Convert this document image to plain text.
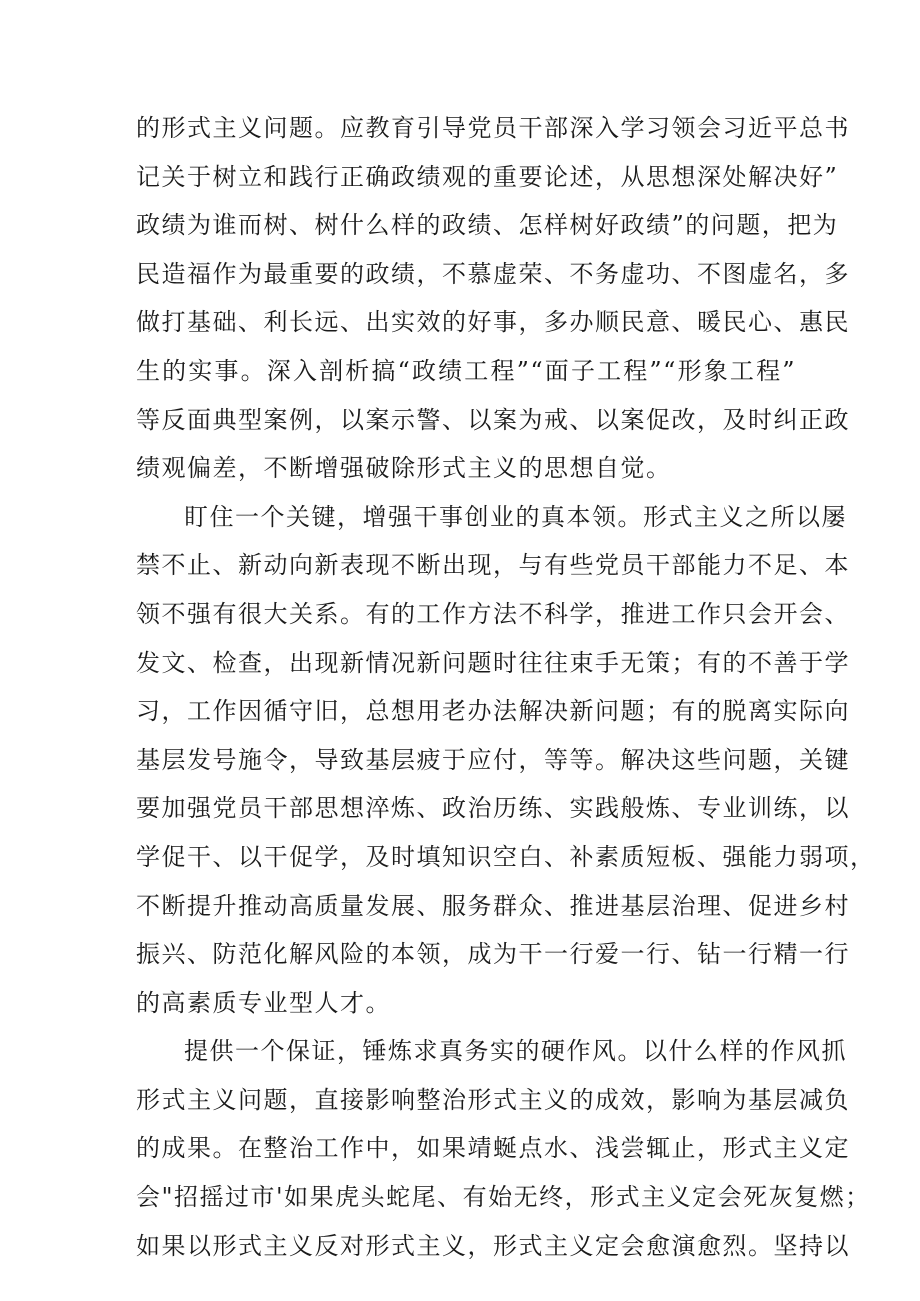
的形式主义问题。应教育引导党员干部深入学习领会习近平总书
记关于树立和践行正确政绩观的重要论述，从思想深处解决好”
政绩为谁而树、树什么样的政绩、怎样树好政绩”的问题，把为
民造福作为最重要的政绩，不慕虚荣、不务虚功、不图虚名，多
做打基础、利长远、出实效的好事，多办顺民意、暖民心、惠民
生的实事。深入剖析搞“政绩工程”“面子工程”“形象工程”
等反面典型案例，以案示警、以案为戒、以案促改，及时纠正政
绩观偏差，不断增强破除形式主义的思想自觉。
盯住一个关键，增强干事创业的真本领。形式主义之所以屡
禁不止、新动向新表现不断出现，与有些党员干部能力不足、本
领不强有很大关系。有的工作方法不科学，推进工作只会开会、
发文、检查，出现新情况新问题时往往束手无策；有的不善于学
习，工作因循守旧，总想用老办法解决新问题；有的脱离实际向
基层发号施令，导致基层疲于应付，等等。解决这些问题，关键
要加强党员干部思想淬炼、政治历练、实践般炼、专业训练，以
学促干、以干促学，及时填知识空白、补素质短板、强能力弱项，
不断提升推动高质量发展、服务群众、推进基层治理、促进乡村
振兴、防范化解风险的本领，成为干一行爱一行、钻一行精一行
的高素质专业型人才。
提供一个保证，锤炼求真务实的硬作风。以什么样的作风抓
形式主义问题，直接影响整治形式主义的成效，影响为基层减负
的成果。在整治工作中，如果靖蜒点水、浅尝辄止，形式主义定
会"招摇过市'如果虎头蛇尾、有始无终，形式主义定会死灰复燃；
如果以形式主义反对形式主义，形式主义定会愈演愈烈。坚持以
